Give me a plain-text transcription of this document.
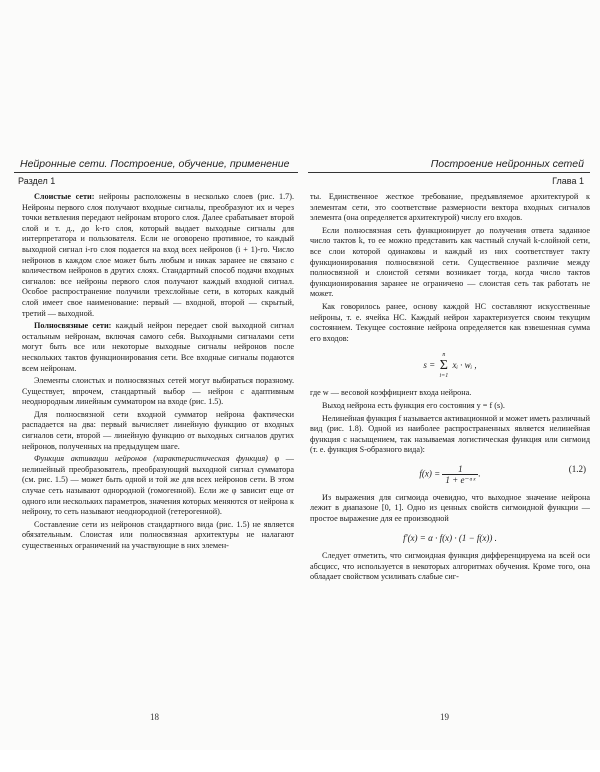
Нейронные сети. Построение, обучение, применение
Раздел 1
Построение нейронных сетей
Глава 1

Слоистые сети: нейроны расположены в несколько слоев (рис. 1.7). Нейроны первого слоя получают входные сигналы, преобразуют их и через точки ветвления передают нейронам второго слоя. Далее срабатывает второй слой и т. д., до k-го слоя, который выдает выходные сигналы для интерпретатора и пользователя. Если не оговорено противное, то каждый выходной сигнал i-го слоя подается на вход всех нейронов (i + 1)-го. Число нейронов в каждом слое может быть любым и никак заранее не связано с количеством нейронов в других слоях. Стандартный способ подачи входных сигналов: все нейроны первого слоя получают каждый входной сигнал. Особое распространение получили трехслойные сети, в которых каждый слой имеет свое наименование: первый — входной, второй — скрытый, третий — выходной.

Полносвязные сети: каждый нейрон передает свой выходной сигнал остальным нейронам, включая самого себя. Выходными сигналами сети могут быть все или некоторые выходные сигналы нейронов после нескольких тактов функционирования сети. Все входные сигналы подаются всем нейронам.

Элементы слоистых и полносвязных сетей могут выбираться поразному. Существует, впрочем, стандартный выбор — нейрон с адаптивным неоднородным линейным сумматором на входе (рис. 1.5).

Для полносвязной сети входной сумматор нейрона фактически распадается на два: первый вычисляет линейную функцию от входных сигналов сети, второй — линейную функцию от выходных сигналов других нейронов, полученных на предыдущем шаге.

Функция активации нейронов (характеристическая функция) φ — нелинейный преобразователь, преобразующий выходной сигнал сумматора (см. рис. 1.5) — может быть одной и той же для всех нейронов сети. В этом случае сеть называют однородной (гомогенной). Если же φ зависит еще от одного или нескольких параметров, значения которых меняются от нейрона к нейрону, то сеть называют неоднородной (гетерогенной).

Составление сети из нейронов стандартного вида (рис. 1.5) не является обязательным. Слоистая или полносвязная архитектуры не налагают существенных ограничений на участвующие в них элемен-

ты. Единственное жесткое требование, предъявляемое архитектурой к элементам сети, это соответствие размерности вектора входных сигналов элемента (она определяется архитектурой) числу его входов.

Если полносвязная сеть функционирует до получения ответа заданное число тактов k, то ее можно представить как частный случай k-слойной сети, все слои которой одинаковы и каждый из них соответствует такту функционирования полносвязной сети. Существенное различие между полносвязной и слоистой сетями возникает тогда, когда число тактов функционирования заранее не ограничено — слоистая сеть так работать не может.

Как говорилось ранее, основу каждой НС составляют искусственные нейроны, т. е. ячейка НС. Каждый нейрон характеризуется своим текущим состоянием. Текущее состояние нейрона определяется как взвешенная сумма его входов:

s =
n
Σ
i=1
xᵢ · wᵢ ,

где w — весовой коэффициент входа нейрона.

Выход нейрона есть функция его состояния y = f (s).

Нелинейная функция f называется активационной и может иметь различный вид (рис. 1.8). Одной из наиболее распространенных является нелинейная функция с насыщением, так называемая логистическая функция или сигмоид (т. е. функция S-образного вида):

$f(x) = \frac{1}{\text{1 + e⁻ᵅˣ}}$ .	(1.2)

Из выражения для сигмоида очевидно, что выходное значение нейрона лежит в диапазоне [0, 1]. Одно из ценных свойств сигмоидной функции — простое выражение для ее производной

f′(x) = α · f(x) · (1 − f(x)) .

Следует отметить, что сигмоидная функция дифференцируема на всей оси абсцисс, что используется в некоторых алгоритмах обучения. Кроме того, она обладает свойством усиливать слабые сиг-

18	19
